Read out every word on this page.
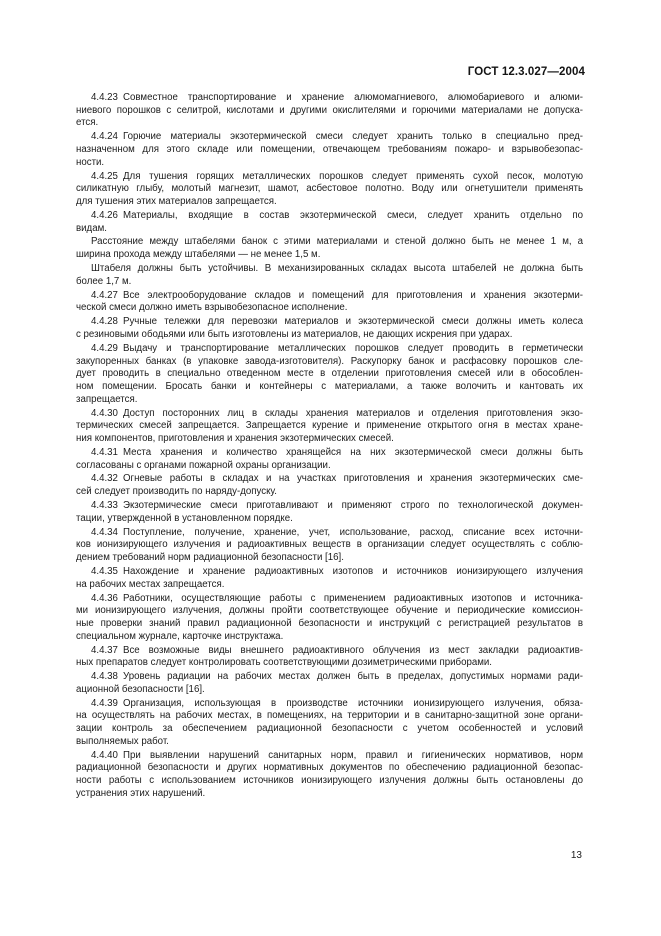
ГОСТ 12.3.027—2004
4.4.23 Совместное транспортирование и хранение алюмомагниевого, алюмобариевого и алюми-
ниевого порошков с селитрой, кислотами и другими окислителями и горючими материалами не допуска-
ется.
4.4.24 Горючие материалы экзотермической смеси следует хранить только в специально пред-
назначенном для этого складе или помещении, отвечающем требованиям пожаро- и взрывобезопас-
ности.
4.4.25 Для тушения горящих металлических порошков следует применять сухой песок, молотую
силикатную глыбу, молотый магнезит, шамот, асбестовое полотно. Воду или огнетушители применять
для тушения этих материалов запрещается.
4.4.26 Материалы, входящие в состав экзотермической смеси, следует хранить отдельно по
видам.
Расстояние между штабелями банок с этими материалами и стеной должно быть не менее 1 м, а
ширина прохода между штабелями — не менее 1,5 м.
Штабеля должны быть устойчивы. В механизированных складах высота штабелей не должна быть
более 1,7 м.
4.4.27 Все электрооборудование складов и помещений для приготовления и хранения экзотерми-
ческой смеси должно иметь взрывобезопасное исполнение.
4.4.28 Ручные тележки для перевозки материалов и экзотермической смеси должны иметь колеса
с резиновыми ободьями или быть изготовлены из материалов, не дающих искрения при ударах.
4.4.29 Выдачу и транспортирование металлических порошков следует проводить в герметически
закупоренных банках (в упаковке завода-изготовителя). Раскупорку банок и расфасовку порошков сле-
дует проводить в специально отведенном месте в отделении приготовления смесей или в обособлен-
ном помещении. Бросать банки и контейнеры с материалами, а также волочить и кантовать их
запрещается.
4.4.30 Доступ посторонних лиц в склады хранения материалов и отделения приготовления экзо-
термических смесей запрещается. Запрещается курение и применение открытого огня в местах хране-
ния компонентов, приготовления и хранения экзотермических смесей.
4.4.31 Места хранения и количество хранящейся на них экзотермической смеси должны быть
согласованы с органами пожарной охраны организации.
4.4.32 Огневые работы в складах и на участках приготовления и хранения экзотермических сме-
сей следует производить по наряду-допуску.
4.4.33 Экзотермические смеси приготавливают и применяют строго по технологической докумен-
тации, утвержденной в установленном порядке.
4.4.34 Поступление, получение, хранение, учет, использование, расход, списание всех источни-
ков ионизирующего излучения и радиоактивных веществ в организации следует осуществлять с соблю-
дением требований норм радиационной безопасности [16].
4.4.35 Нахождение и хранение радиоактивных изотопов и источников ионизирующего излучения
на рабочих местах запрещается.
4.4.36 Работники, осуществляющие работы с применением радиоактивных изотопов и источника-
ми ионизирующего излучения, должны пройти соответствующее обучение и периодические комиссион-
ные проверки знаний правил радиационной безопасности и инструкций с регистрацией результатов в
специальном журнале, карточке инструктажа.
4.4.37 Все возможные виды внешнего радиоактивного облучения из мест закладки радиоактив-
ных препаратов следует контролировать соответствующими дозиметрическими приборами.
4.4.38 Уровень радиации на рабочих местах должен быть в пределах, допустимых нормами ради-
ационной безопасности [16].
4.4.39 Организация, использующая в производстве источники ионизирующего излучения, обяза-
на осуществлять на рабочих местах, в помещениях, на территории и в санитарно-защитной зоне органи-
зации контроль за обеспечением радиационной безопасности с учетом особенностей и условий
выполняемых работ.
4.4.40 При выявлении нарушений санитарных норм, правил и гигиенических нормативов, норм
радиационной безопасности и других нормативных документов по обеспечению радиационной безопас-
ности работы с использованием источников ионизирующего излучения должны быть остановлены до
устранения этих нарушений.
13
